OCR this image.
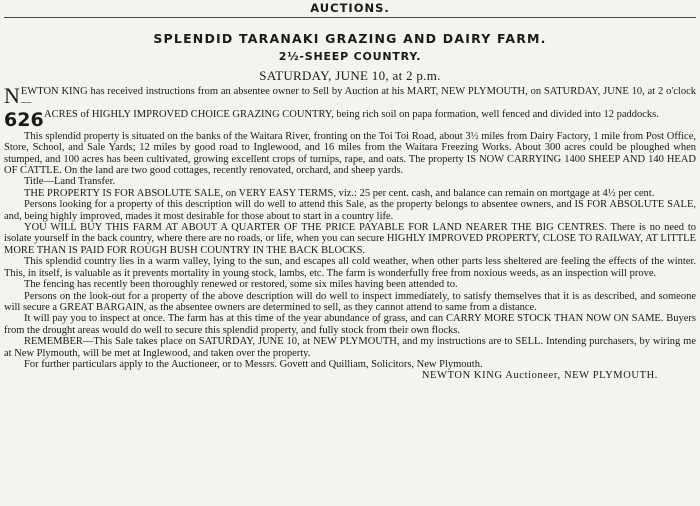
AUCTIONS.
SPLENDID TARANAKI GRAZING AND DAIRY FARM.
2½-SHEEP COUNTRY.
SATURDAY, JUNE 10, at 2 p.m.
N EWTON KING has received instructions from an absentee owner to Sell by Auction at his MART, NEW PLYMOUTH, on SATURDAY, JUNE 10, at 2 o'clock—
626 ACRES of HIGHLY IMPROVED CHOICE GRAZING COUNTRY, being rich soil on papa formation, well fenced and divided into 12 paddocks.

This splendid property is situated on the banks of the Waitara River, fronting on the Toi Toi Road, about 3½ miles from Dairy Factory, 1 mile from Post Office, Store, School, and Sale Yards; 12 miles by good road to Inglewood, and 16 miles from the Waitara Freezing Works. About 300 acres could be ploughed when stumped, and 100 acres has been cultivated, growing excellent crops of turnips, rape, and oats. The property IS NOW CARRYING 1400 SHEEP AND 140 HEAD OF CATTLE. On the land are two good cottages, recently renovated, orchard, and sheep yards.

Title—Land Transfer.

THE PROPERTY IS FOR ABSOLUTE SALE, on VERY EASY TERMS, viz.: 25 per cent. cash, and balance can remain on mortgage at 4½ per cent.

Persons looking for a property of this description will do well to attend this Sale, as the property belongs to absentee owners, and IS FOR ABSOLUTE SALE, and, being highly improved, mades it most desirable for those about to start in a country life.

YOU WILL BUY THIS FARM AT ABOUT A QUARTER OF THE PRICE PAYABLE FOR LAND NEARER THE BIG CENTRES. There is no need to isolate yourself in the back country, where there are no roads, or life, when you can secure HIGHLY IMPROVED PROPERTY, CLOSE TO RAILWAY, AT LITTLE MORE THAN IS PAID FOR ROUGH BUSH COUNTRY IN THE BACK BLOCKS.

This splendid country lies in a warm valley, lying to the sun, and escapes all cold weather, when other parts less sheltered are feeling the effects of the winter. This, in itself, is valuable as it prevents mortality in young stock, lambs, etc. The farm is wonderfully free from noxious weeds, as an inspection will prove.

The fencing has recently been thoroughly renewed or restored, some six miles having been attended to.

Persons on the look-out for a property of the above description will do well to inspect immediately, to satisfy themselves that it is as described, and someone will secure a GREAT BARGAIN, as the absentee owners are determined to sell, as they cannot attend to same from a distance.

It will pay you to inspect at once. The farm has at this time of the year abundance of grass, and can CARRY MORE STOCK THAN NOW ON SAME. Buyers from the drought areas would do well to secure this splendid property, and fully stock from their own flocks.

REMEMBER—This Sale takes place on SATURDAY, JUNE 10, at NEW PLYMOUTH, and my instructions are to SELL. Intending purchasers, by wiring me at New Plymouth, will be met at Inglewood, and taken over the property.

For further particulars apply to the Auctioneer, or to Messrs. Govett and Quilliam, Solicitors, New Plymouth.

NEWTON KING Auctioneer, NEW PLYMOUTH.
